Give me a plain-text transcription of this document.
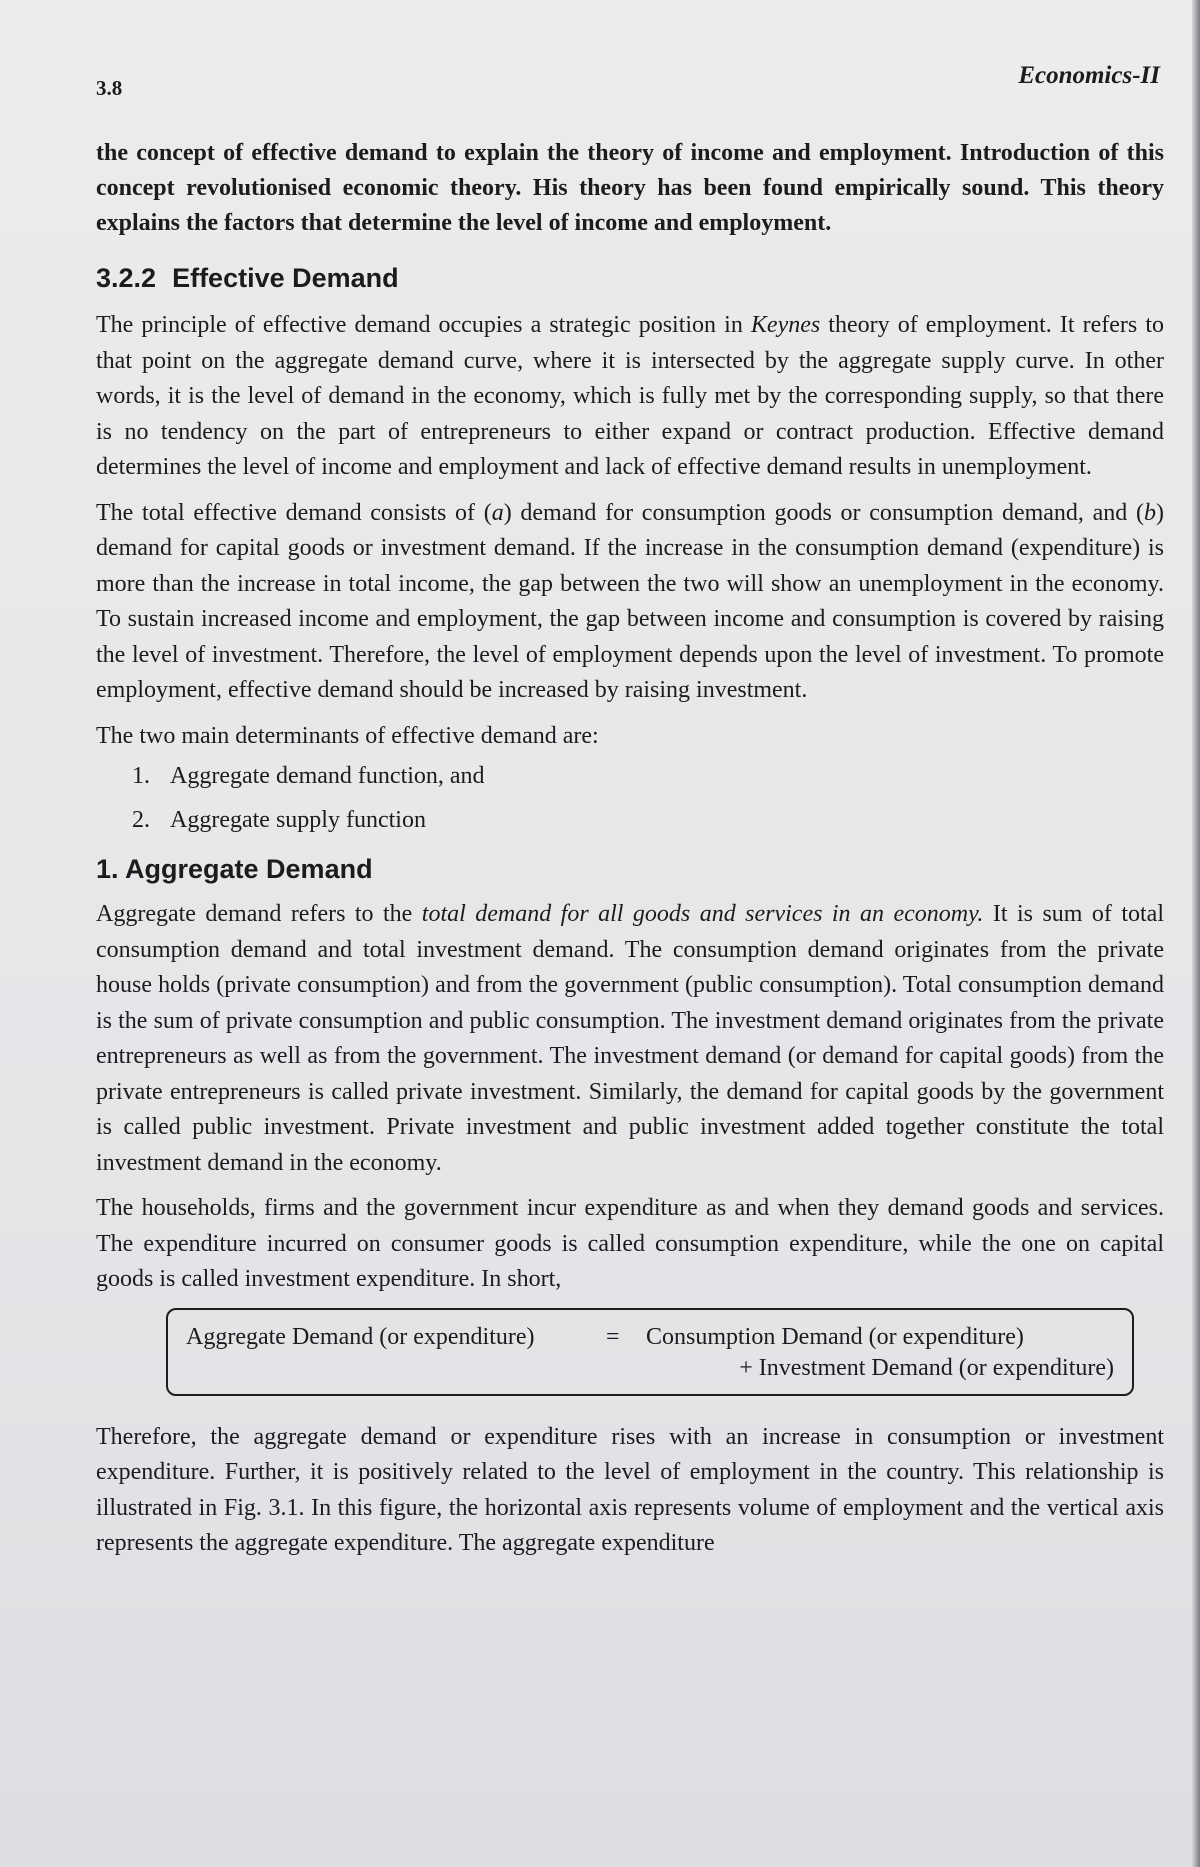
3.8	Economics-II

the concept of effective demand to explain the theory of income and employment. Introduction of this concept revolutionised economic theory. His theory has been found empirically sound. This theory explains the factors that determine the level of income and employment.

3.2.2 Effective Demand

The principle of effective demand occupies a strategic position in Keynes theory of employment. It refers to that point on the aggregate demand curve, where it is intersected by the aggregate supply curve. In other words, it is the level of demand in the economy, which is fully met by the corresponding supply, so that there is no tendency on the part of entrepreneurs to either expand or contract production. Effective demand determines the level of income and employment and lack of effective demand results in unemployment.

The total effective demand consists of (a) demand for consumption goods or consumption demand, and (b) demand for capital goods or investment demand. If the increase in the consumption demand (expenditure) is more than the increase in total income, the gap between the two will show an unemployment in the economy. To sustain increased income and employment, the gap between income and consumption is covered by raising the level of investment. Therefore, the level of employment depends upon the level of investment. To promote employment, effective demand should be increased by raising investment.

The two main determinants of effective demand are:

1. Aggregate demand function, and
2. Aggregate supply function
1. Aggregate Demand

Aggregate demand refers to the total demand for all goods and services in an economy. It is sum of total consumption demand and total investment demand. The consumption demand originates from the private house holds (private consumption) and from the government (public consumption). Total consumption demand is the sum of private consumption and public consumption. The investment demand originates from the private entrepreneurs as well as from the government. The investment demand (or demand for capital goods) from the private entrepreneurs is called private investment. Similarly, the demand for capital goods by the government is called public investment. Private investment and public investment added together constitute the total investment demand in the economy.

The households, firms and the government incur expenditure as and when they demand goods and services. The expenditure incurred on consumer goods is called consumption expenditure, while the one on capital goods is called investment expenditure. In short,

Aggregate Demand (or expenditure)	=	Consumption Demand (or expenditure)
+ Investment Demand (or expenditure)

Therefore, the aggregate demand or expenditure rises with an increase in consumption or investment expenditure. Further, it is positively related to the level of employment in the country. This relationship is illustrated in Fig. 3.1. In this figure, the horizontal axis represents volume of employment and the vertical axis represents the aggregate expenditure. The aggregate expenditure
